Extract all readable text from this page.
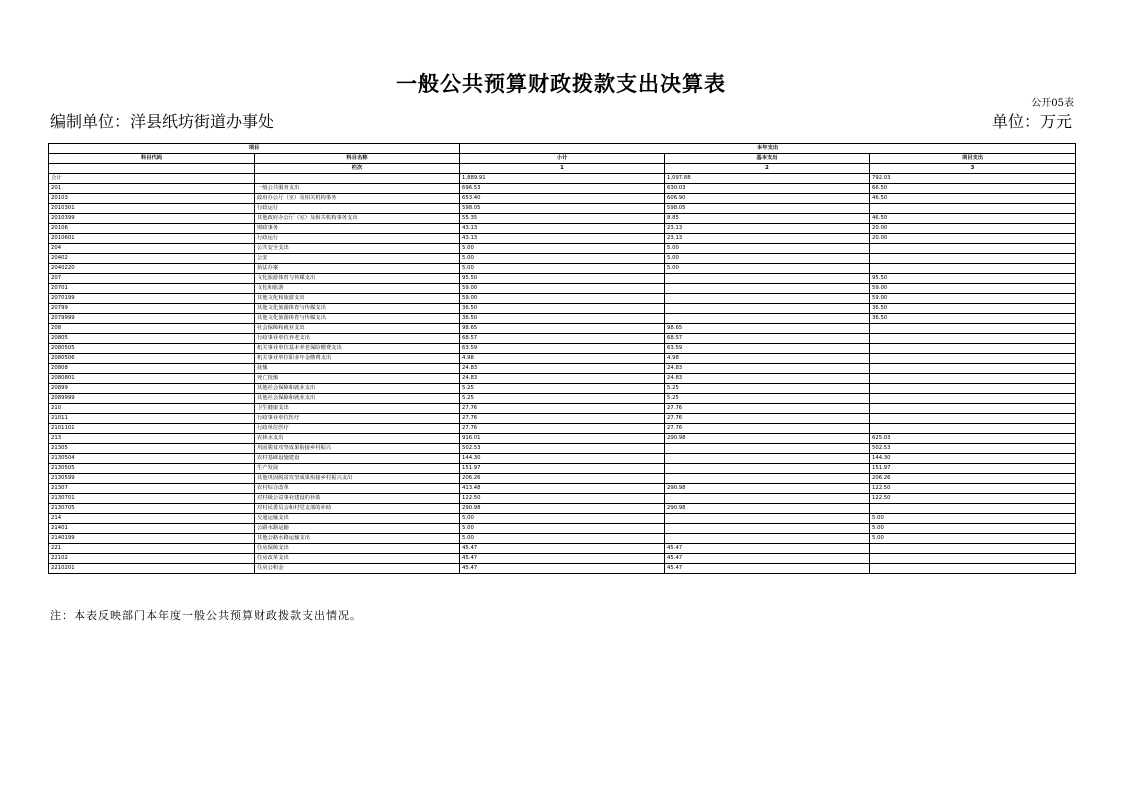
一般公共预算财政拨款支出决算表
公开05表
编制单位：洋县纸坊街道办事处	单位：万元
项目		本年支出		
科目代码	科目名称	小计	基本支出	项目支出
	栏次	1	2	3
合计		1,889.91	1,097.88	792.03
201	一般公共服务支出	696.53	630.03	66.50
20103	政府办公厅（室）及相关机构事务	653.40	606.90	46.50
2010301	行政运行	598.05	598.05	
2010399	其他政府办公厅（室）及相关机构事务支出	55.35	8.85	46.50
20106	财政事务	43.13	23.13	20.00
2010601	行政运行	43.13	23.13	20.00
204	公共安全支出	5.00	5.00	
20402	公安	5.00	5.00	
2040220	执法办案	5.00	5.00	
207	文化旅游体育与传媒支出	95.50		95.50
20701	文化和旅游	59.00		59.00
2070199	其他文化和旅游支出	59.00		59.00
20799	其他文化旅游体育与传媒支出	36.50		36.50
2079999	其他文化旅游体育与传媒支出	36.50		36.50
208	社会保障和就业支出	98.65	98.65	
20805	行政事业单位养老支出	68.57	68.57	
2080505	机关事业单位基本养老保险缴费支出	63.59	63.59	
2080506	机关事业单位职业年金缴费支出	4.98	4.98	
20808	抚恤	24.83	24.83	
2080801	死亡抚恤	24.83	24.83	
20899	其他社会保障和就业支出	5.25	5.25	
2089999	其他社会保障和就业支出	5.25	5.25	
210	卫生健康支出	27.76	27.76	
21011	行政事业单位医疗	27.76	27.76	
2101101	行政单位医疗	27.76	27.76	
213	农林水支出	916.01	290.98	625.03
21305	巩固脱贫攻坚成果衔接乡村振兴	502.53		502.53
2130504	农村基础设施建设	144.30		144.30
2130505	生产发展	151.97		151.97
2130599	其他巩固脱贫攻坚成果衔接乡村振兴支出	206.26		206.26
21307	农村综合改革	413.48	290.98	122.50
2130701	对村级公益事业建设的补助	122.50		122.50
2130705	对村民委员会和村党支部的补助	290.98	290.98	
214	交通运输支出	5.00		5.00
21401	公路水路运输	5.00		5.00
2140199	其他公路水路运输支出	5.00		5.00
221	住房保障支出	45.47	45.47	
22102	住房改革支出	45.47	45.47	
2210201	住房公积金	45.47	45.47	
注：本表反映部门本年度一般公共预算财政拨款支出情况。
